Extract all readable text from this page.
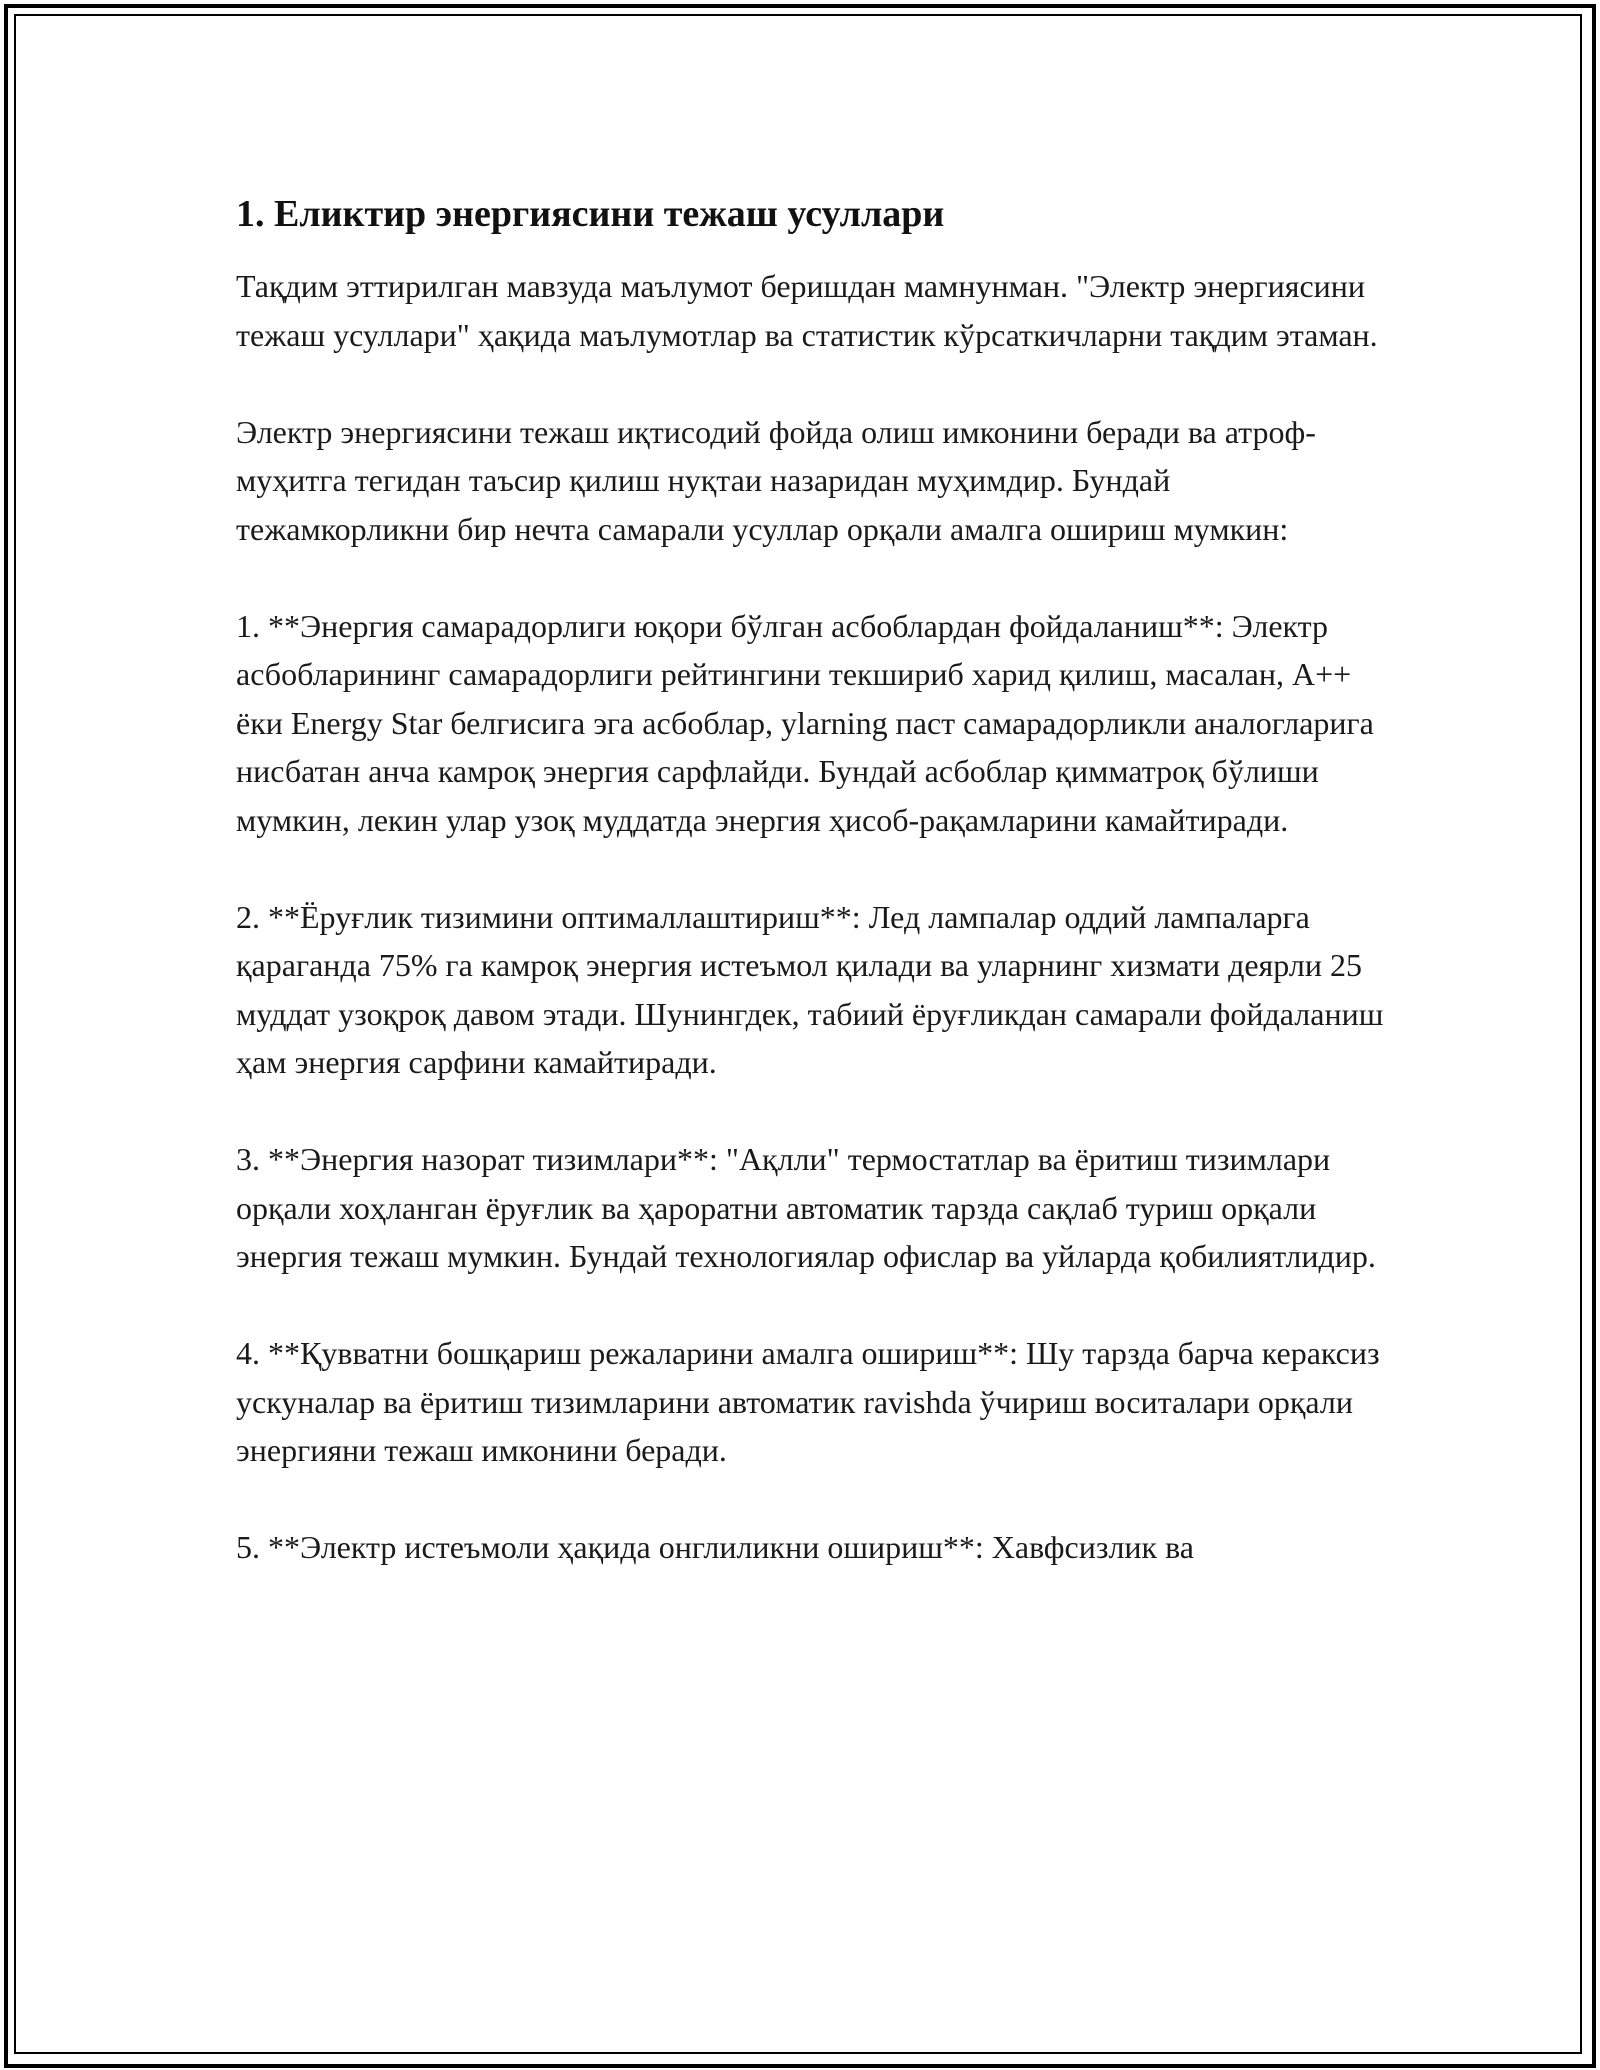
1. Еликтир энергиясини тежаш усуллари

Тақдим эттирилган мавзуда маълумот беришдан мамнунман. "Электр энергиясини тежаш усуллари" ҳақида маълумотлар ва статистик кўрсаткичларни тақдим этаман.

Электр энергиясини тежаш иқтисодий фойда олиш имконини беради ва атроф-муҳитга тегидан таъсир қилиш нуқтаи назаридан муҳимдир. Бундай тежамкорликни бир нечта самарали усуллар орқали амалга ошириш мумкин:

1. **Энергия самарадорлиги юқори бўлган асбоблардан фойдаланиш**: Электр асбобларининг самарадорлиги рейтингини текшириб харид қилиш, масалан, A++ ёки Energy Star белгисига эга асбоблар, ylarning паст самарадорликли аналогларига нисбатан анча камроқ энергия сарфлайди. Бундай асбоблар қимматроқ бўлиши мумкин, лекин улар узоқ муддатда энергия ҳисоб-рақамларини камайтиради.

2. **Ёруғлик тизимини оптималлаштириш**: Лед лампалар оддий лампаларга қараганда 75% га камроқ энергия истеъмол қилади ва уларнинг хизмати деярли 25 муддат узоқроқ давом этади. Шунингдек, табиий ёруғликдан самарали фойдаланиш ҳам энергия сарфини камайтиради.

3. **Энергия назорат тизимлари**: "Ақлли" термостатлар ва ёритиш тизимлари орқали хоҳланган ёруғлик ва ҳароратни автоматик тарзда сақлаб туриш орқали энергия тежаш мумкин. Бундай технологиялар офислар ва уйларда қобилиятлидир.

4. **Қувватни бошқариш режаларини амалга ошириш**: Шу тарзда барча кераксиз ускуналар ва ёритиш тизимларини автоматик ravishda ўчириш воситалари орқали энергияни тежаш имконини беради.

5. **Электр истеъмоли ҳақида онглиликни ошириш**: Хавфсизлик ва
